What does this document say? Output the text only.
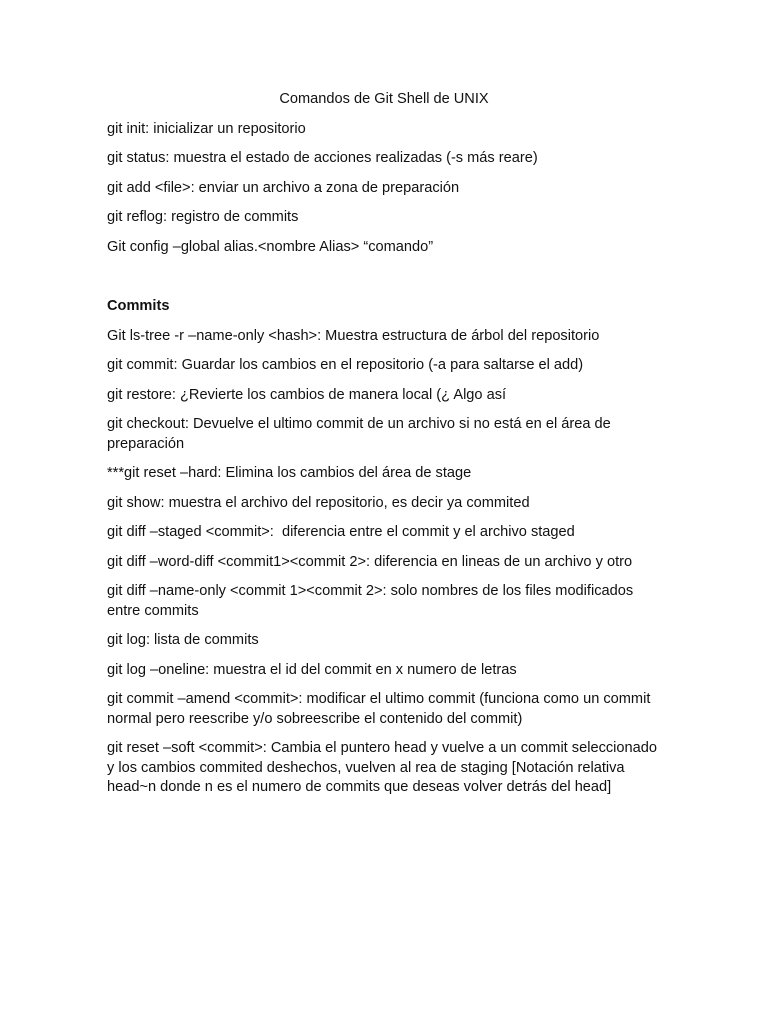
Comandos de Git Shell de UNIX

git init: inicializar un repositorio

git status: muestra el estado de acciones realizadas (-s más reare)

git add <file>: enviar un archivo a zona de preparación

git reflog: registro de commits

Git config –global alias.<nombre Alias> “comando”

Commits

Git ls-tree -r –name-only <hash>: Muestra estructura de árbol del repositorio

git commit: Guardar los cambios en el repositorio (-a para saltarse el add)

git restore: ¿Revierte los cambios de manera local (¿ Algo así

git checkout: Devuelve el ultimo commit de un archivo si no está en el área de preparación

***git reset –hard: Elimina los cambios del área de stage

git show: muestra el archivo del repositorio, es decir ya commited

git diff –staged <commit>:  diferencia entre el commit y el archivo staged

git diff –word-diff <commit1><commit 2>: diferencia en lineas de un archivo y otro

git diff –name-only <commit 1><commit 2>: solo nombres de los files modificados entre commits

git log: lista de commits

git log –oneline: muestra el id del commit en x numero de letras

git commit –amend <commit>: modificar el ultimo commit (funciona como un commit normal pero reescribe y/o sobreescribe el contenido del commit)

git reset –soft <commit>: Cambia el puntero head y vuelve a un commit seleccionado y los cambios commited deshechos, vuelven al rea de staging [Notación relativa head~n donde n es el numero de commits que deseas volver detrás del head]
